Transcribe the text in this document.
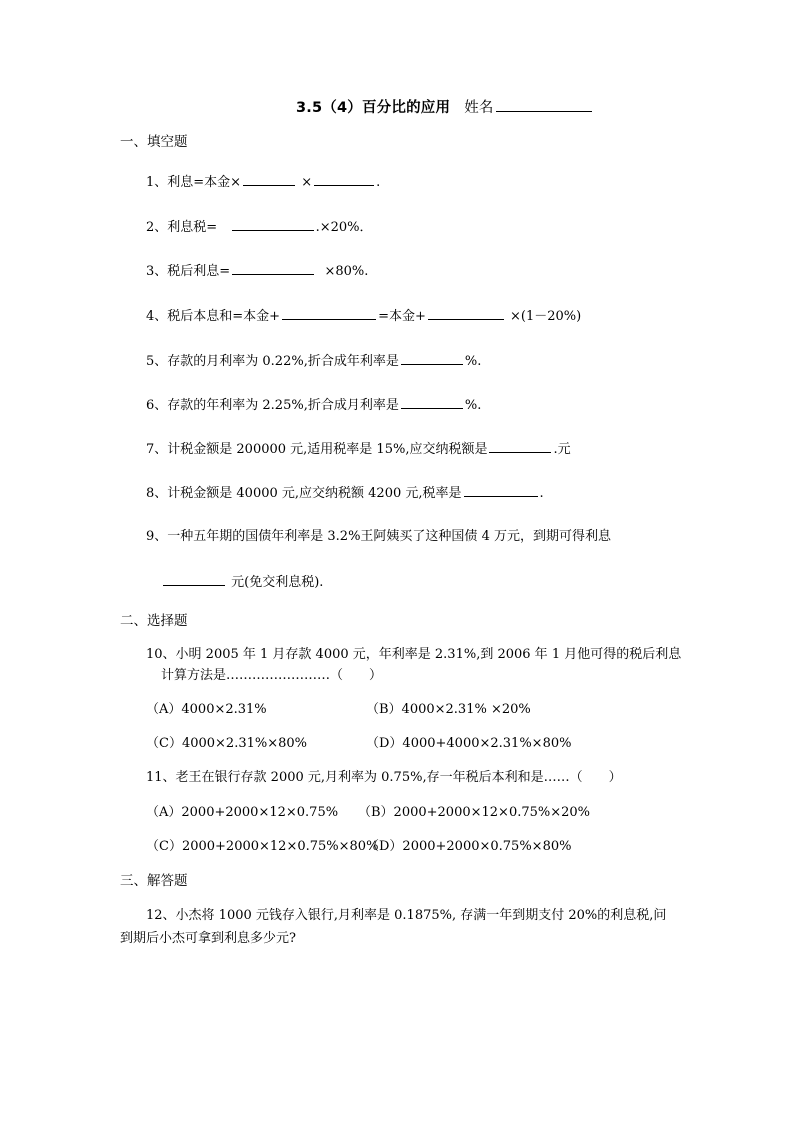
3.5（4）百分比的应用 姓名
一、填空题
1、利息=本金×	×	.
2、利息税=	.×20%．
3、税后利息=	×80%.
4、税后本息和=本金+	=本金+	×(1－20%)
5、存款的月利率为 0.22%,折合成年利率是	%.
6、存款的年利率为 2.25%,折合成月利率是	%.
7、计税金额是 200000 元,适用税率是 15%,应交纳税额是	.元
8、计税金额是 40000 元,应交纳税额 4200 元,税率是	.
9、一种五年期的国债年利率是 3.2%王阿姨买了这种国债 4 万元，到期可得利息
元(免交利息税).
二、选择题
10、小明 2005 年 1 月存款 4000 元，年利率是 2.31%,到 2006 年 1 月他可得的税后利息
计算方法是……………………（　　）
（A）4000×2.31%	（B）4000×2.31% ×20%
（C）4000×2.31%×80%	（D）4000+4000×2.31%×80%
11、老王在银行存款 2000 元,月利率为 0.75%,存一年税后本利和是……（　　）
（A）2000+2000×12×0.75% （B）2000+2000×12×0.75%×20%
（C）2000+2000×12×0.75%×80%
（D）2000+2000×0.75%×80%
三、解答题
12、小杰将 1000 元钱存入银行,月利率是 0.1875%, 存满一年到期支付 20%的利息税,问
到期后小杰可拿到利息多少元?
